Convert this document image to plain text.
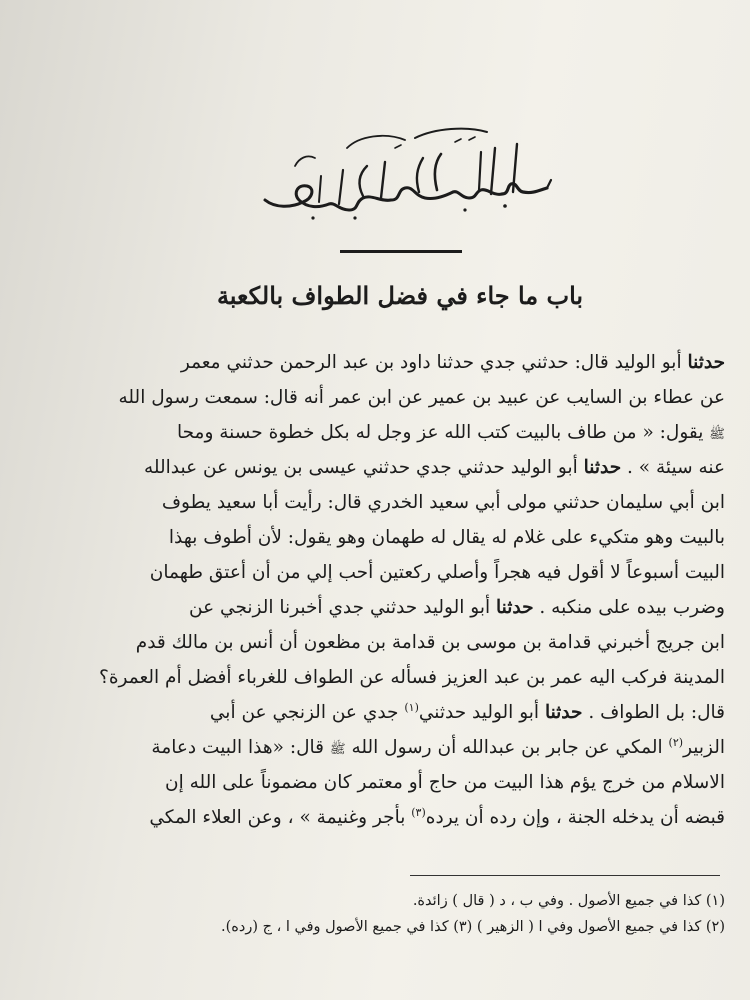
باب ما جاء في فضل الطواف بالكعبة
حدثنا أبو الوليد قال: حدثني جدي حدثنا داود بن عبد الرحمن حدثني معمر
عن عطاء بن السايب عن عبيد بن عمير عن ابن عمر أنه قال: سمعت رسول الله
ﷺ يقول: « من طاف بالبيت كتب الله عز وجل له بكل خطوة حسنة ومحا
عنه سيئة » . حدثنا أبو الوليد حدثني جدي حدثني عيسى بن يونس عن عبدالله
ابن أبي سليمان حدثني مولى أبي سعيد الخدري قال: رأيت أبا سعيد يطوف
بالبيت وهو متكيء على غلام له يقال له طهمان وهو يقول: لأن أطوف بهذا
البيت أسبوعاً لا أقول فيه هجراً وأصلي ركعتين أحب إلي من أن أعتق طهمان
وضرب بيده على منكبه . حدثنا أبو الوليد حدثني جدي أخبرنا الزنجي عن
ابن جريج أخبرني قدامة بن موسى بن قدامة بن مظعون أن أنس بن مالك قدم
المدينة فركب اليه عمر بن عبد العزيز فسأله عن الطواف للغرباء أفضل أم العمرة؟
قال: بل الطواف . حدثنا أبو الوليد حدثني$^{(١)}$ جدي عن الزنجي عن أبي
الزبير$^{(٢)}$ المكي عن جابر بن عبدالله أن رسول الله ﷺ قال: «هذا البيت دعامة
الاسلام من خرج يؤم هذا البيت من حاج أو معتمر كان مضموناً على الله إن
قبضه أن يدخله الجنة ، وإن رده أن يرده$^{(٣)}$ بأجر وغنيمة » ، وعن العلاء المكي
(١) كذا في جميع الأصول . وفي ب ، د ( قال ) زائدة.
(٢) كذا في جميع الأصول وفي ا ( الزهير ) (٣) كذا في جميع الأصول وفي ا ، ج (رده).
